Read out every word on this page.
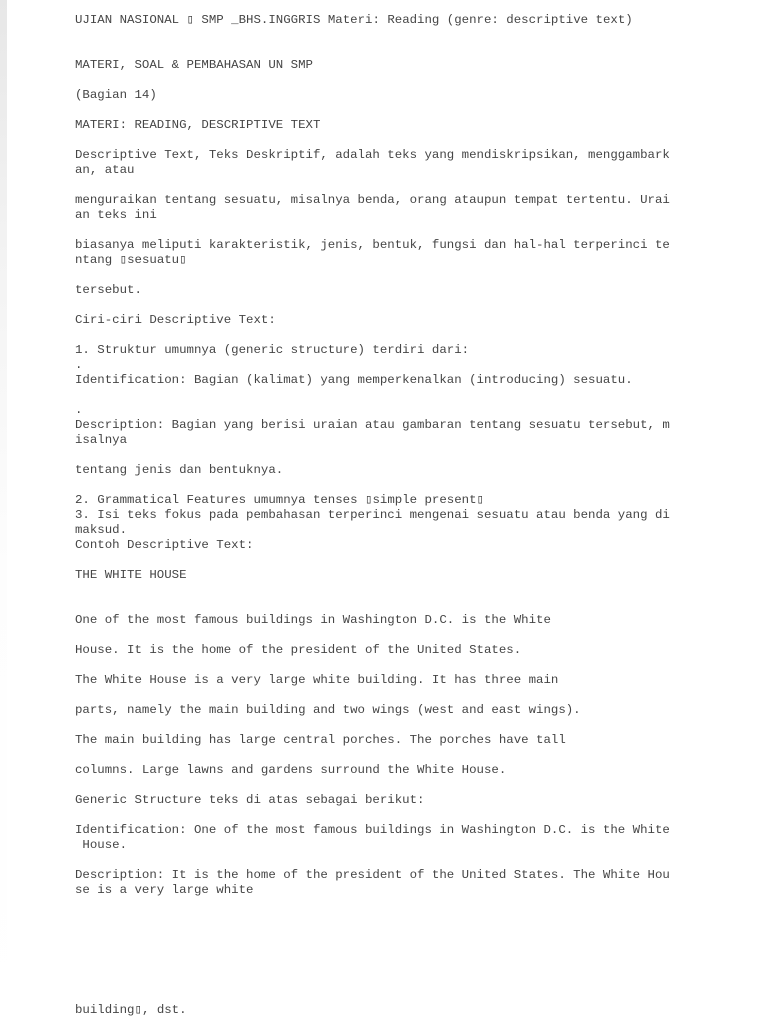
UJIAN NASIONAL ▯ SMP _BHS.INGGRIS Materi: Reading (genre: descriptive text)
MATERI, SOAL & PEMBAHASAN UN SMP
(Bagian 14)
MATERI: READING, DESCRIPTIVE TEXT
Descriptive Text, Teks Deskriptif, adalah teks yang mendiskripsikan, menggambark
an, atau
menguraikan tentang sesuatu, misalnya benda, orang ataupun tempat tertentu. Urai
an teks ini
biasanya meliputi karakteristik, jenis, bentuk, fungsi dan hal-hal terperinci te
ntang ▯sesuatu▯
tersebut.
Ciri-ciri Descriptive Text:
1. Struktur umumnya (generic structure) terdiri dari:
.
Identification: Bagian (kalimat) yang memperkenalkan (introducing) sesuatu.
.
Description: Bagian yang berisi uraian atau gambaran tentang sesuatu tersebut, m
isalnya
tentang jenis dan bentuknya.
2. Grammatical Features umumnya tenses ▯simple present▯
3. Isi teks fokus pada pembahasan terperinci mengenai sesuatu atau benda yang di
maksud.
Contoh Descriptive Text:
THE WHITE HOUSE
One of the most famous buildings in Washington D.C. is the White
House. It is the home of the president of the United States.
The White House is a very large white building. It has three main
parts, namely the main building and two wings (west and east wings).
The main building has large central porches. The porches have tall
columns. Large lawns and gardens surround the White House.
Generic Structure teks di atas sebagai berikut:
Identification: One of the most famous buildings in Washington D.C. is the White
House.
Description: It is the home of the president of the United States. The White Hou
se is a very large white
building▯, dst.
